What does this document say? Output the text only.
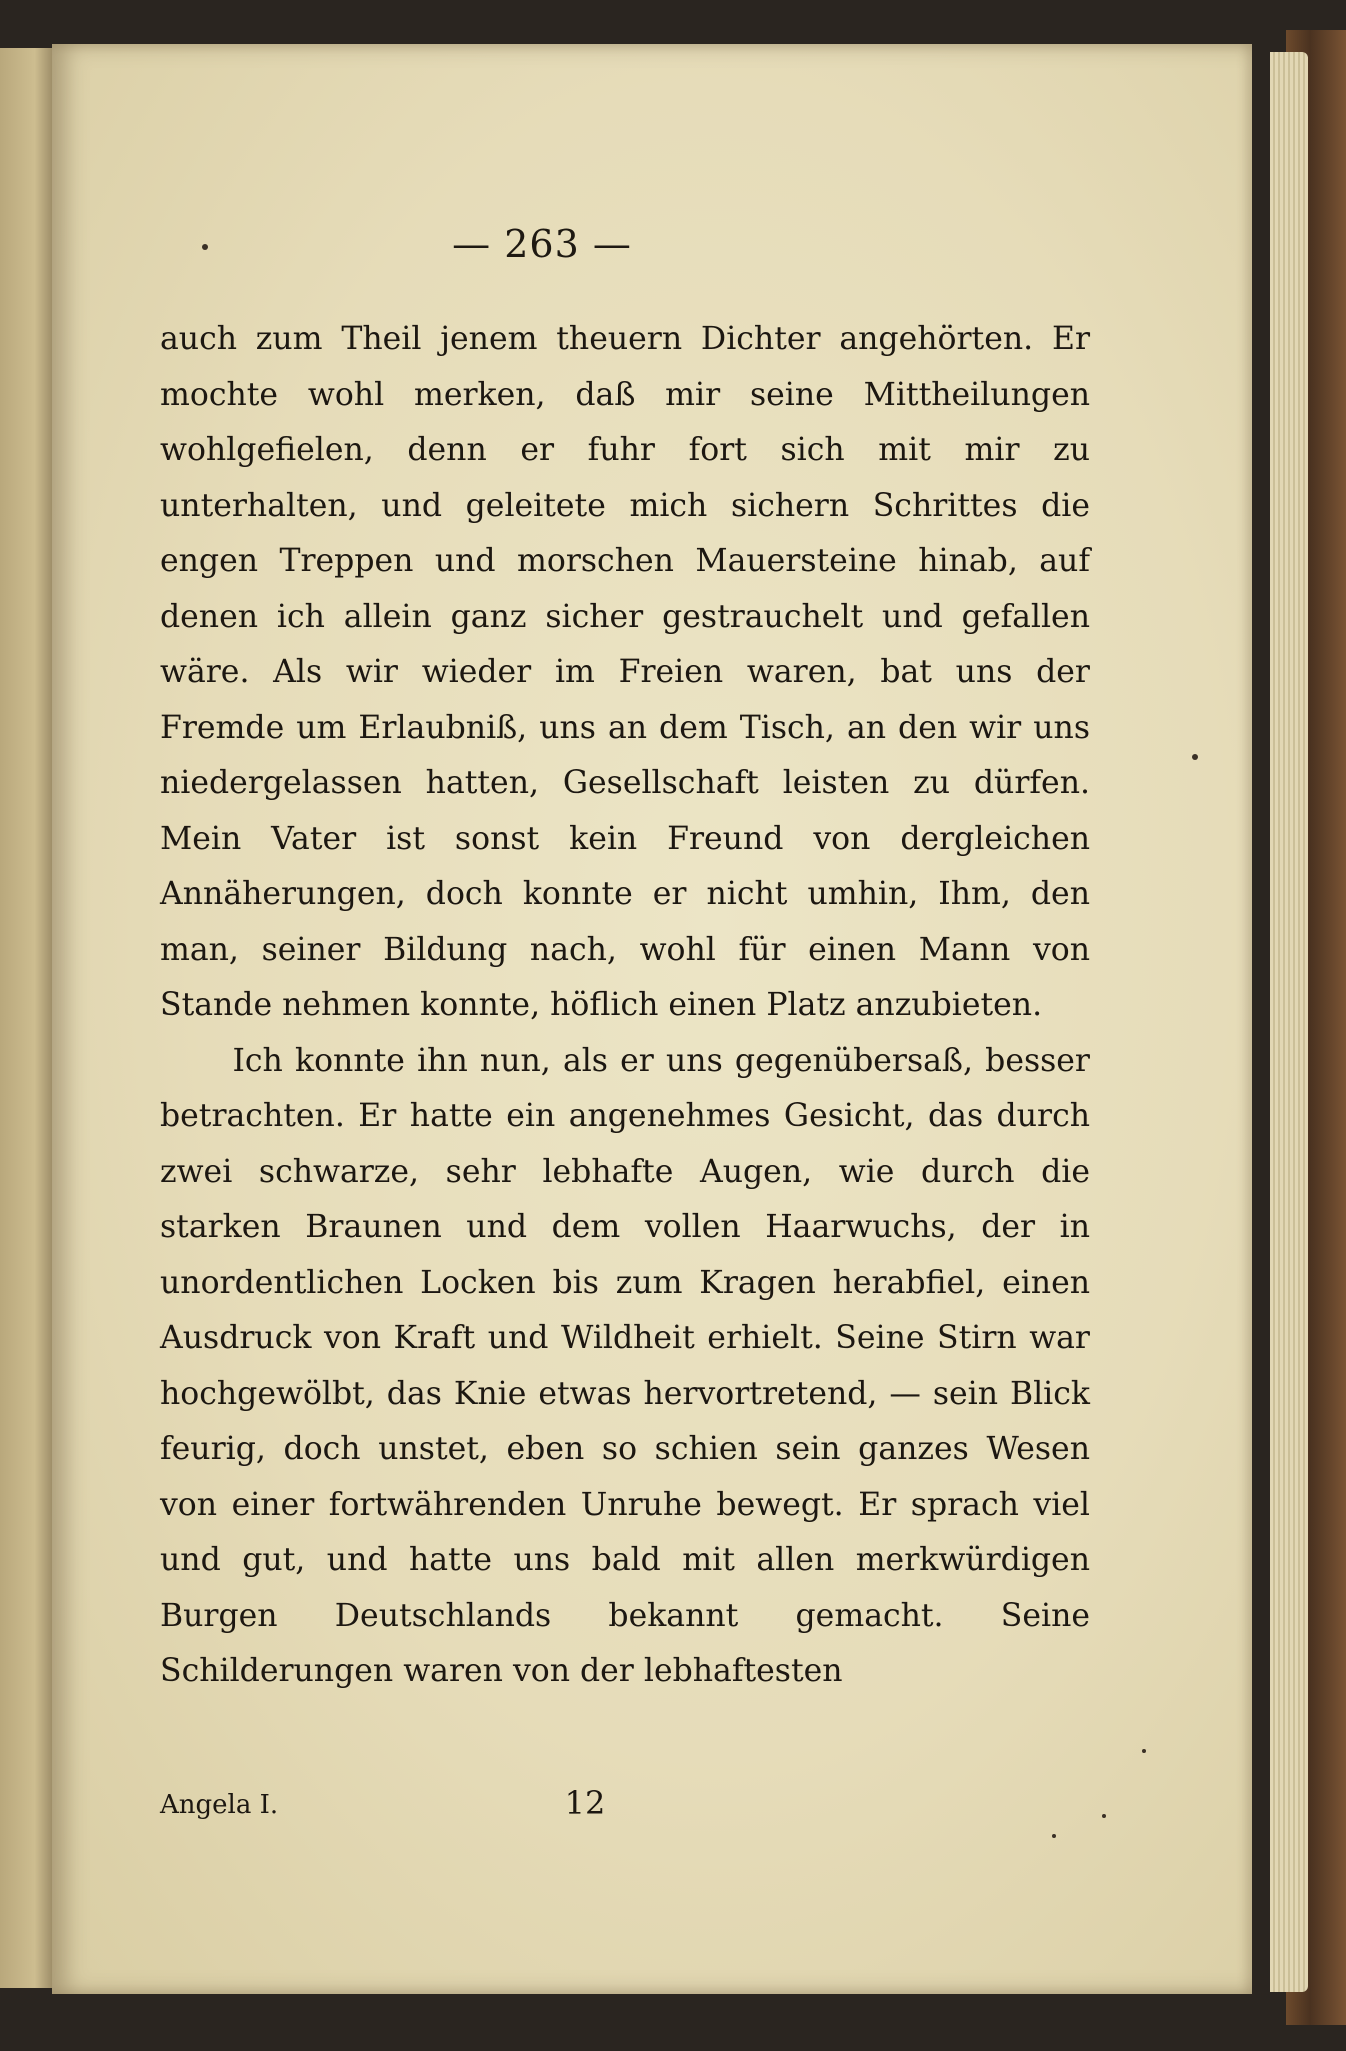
— 263 —

auch zum Theil jenem theuern Dichter angehörten. Er mochte wohl merken, daß mir seine Mittheilungen wohlgefielen, denn er fuhr fort sich mit mir zu unterhalten, und geleitete mich sichern Schrittes die engen Treppen und morschen Mauersteine hinab, auf denen ich allein ganz sicher gestrauchelt und gefallen wäre. Als wir wieder im Freien waren, bat uns der Fremde um Erlaubniß, uns an dem Tisch, an den wir uns niedergelassen hatten, Gesellschaft leisten zu dürfen. Mein Vater ist sonst kein Freund von dergleichen Annäherungen, doch konnte er nicht umhin, Ihm, den man, seiner Bildung nach, wohl für einen Mann von Stande nehmen konnte, höflich einen Platz anzubieten.

Ich konnte ihn nun, als er uns gegenübersaß, besser betrachten. Er hatte ein angenehmes Gesicht, das durch zwei schwarze, sehr lebhafte Augen, wie durch die starken Braunen und dem vollen Haarwuchs, der in unordentlichen Locken bis zum Kragen herabfiel, einen Ausdruck von Kraft und Wildheit erhielt. Seine Stirn war hochgewölbt, das Knie etwas hervortretend, — sein Blick feurig, doch unstet, eben so schien sein ganzes Wesen von einer fortwährenden Unruhe bewegt. Er sprach viel und gut, und hatte uns bald mit allen merkwürdigen Burgen Deutschlands bekannt gemacht. Seine Schilderungen waren von der lebhaftesten

Angela I.	12
